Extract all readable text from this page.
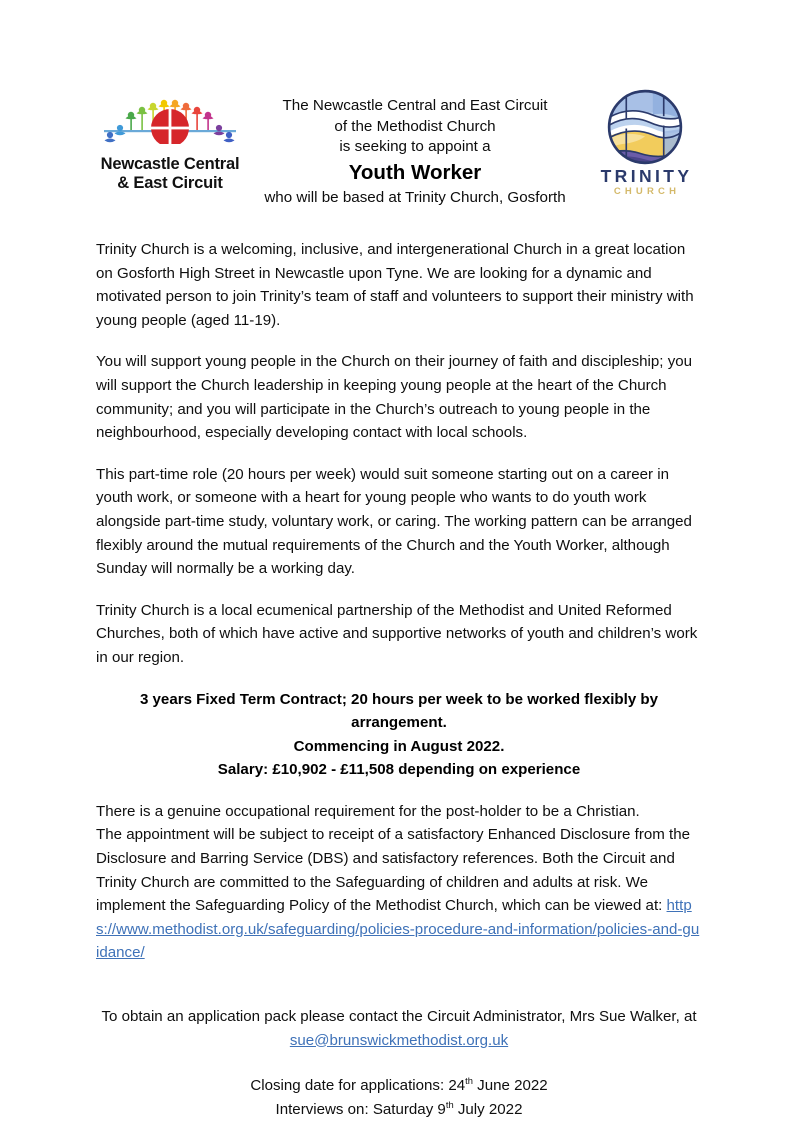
Newcastle Central
& East Circuit
The Newcastle Central and East Circuit
of the Methodist Church
is seeking to appoint a
Youth Worker
who will be based at Trinity Church, Gosforth
TRINITY
CHURCH

Trinity Church is a welcoming, inclusive, and intergenerational Church in a great location on Gosforth High Street in Newcastle upon Tyne. We are looking for a dynamic and motivated person to join Trinity’s team of staff and volunteers to support their ministry with young people (aged 11-19).

You will support young people in the Church on their journey of faith and discipleship; you will support the Church leadership in keeping young people at the heart of the Church community; and you will participate in the Church’s outreach to young people in the neighbourhood, especially developing contact with local schools.

This part-time role (20 hours per week) would suit someone starting out on a career in youth work, or someone with a heart for young people who wants to do youth work alongside part-time study, voluntary work, or caring. The working pattern can be arranged flexibly around the mutual requirements of the Church and the Youth Worker, although Sunday will normally be a working day.

Trinity Church is a local ecumenical partnership of the Methodist and United Reformed Churches, both of which have active and supportive networks of youth and children’s work in our region.

3 years Fixed Term Contract; 20 hours per week to be worked flexibly by arrangement.
Commencing in August 2022.
Salary: £10,902 - £11,508 depending on experience

There is a genuine occupational requirement for the post-holder to be a Christian.
The appointment will be subject to receipt of a satisfactory Enhanced Disclosure from the Disclosure and Barring Service (DBS) and satisfactory references. Both the Circuit and Trinity Church are committed to the Safeguarding of children and adults at risk. We implement the Safeguarding Policy of the Methodist Church, which can be viewed at: https://www.methodist.org.uk/safeguarding/policies-procedure-and-information/policies-and-guidance/

To obtain an application pack please contact the Circuit Administrator, Mrs Sue Walker, at
sue@brunswickmethodist.org.uk
Closing date for applications: 24th June 2022
Interviews on: Saturday 9th July 2022
